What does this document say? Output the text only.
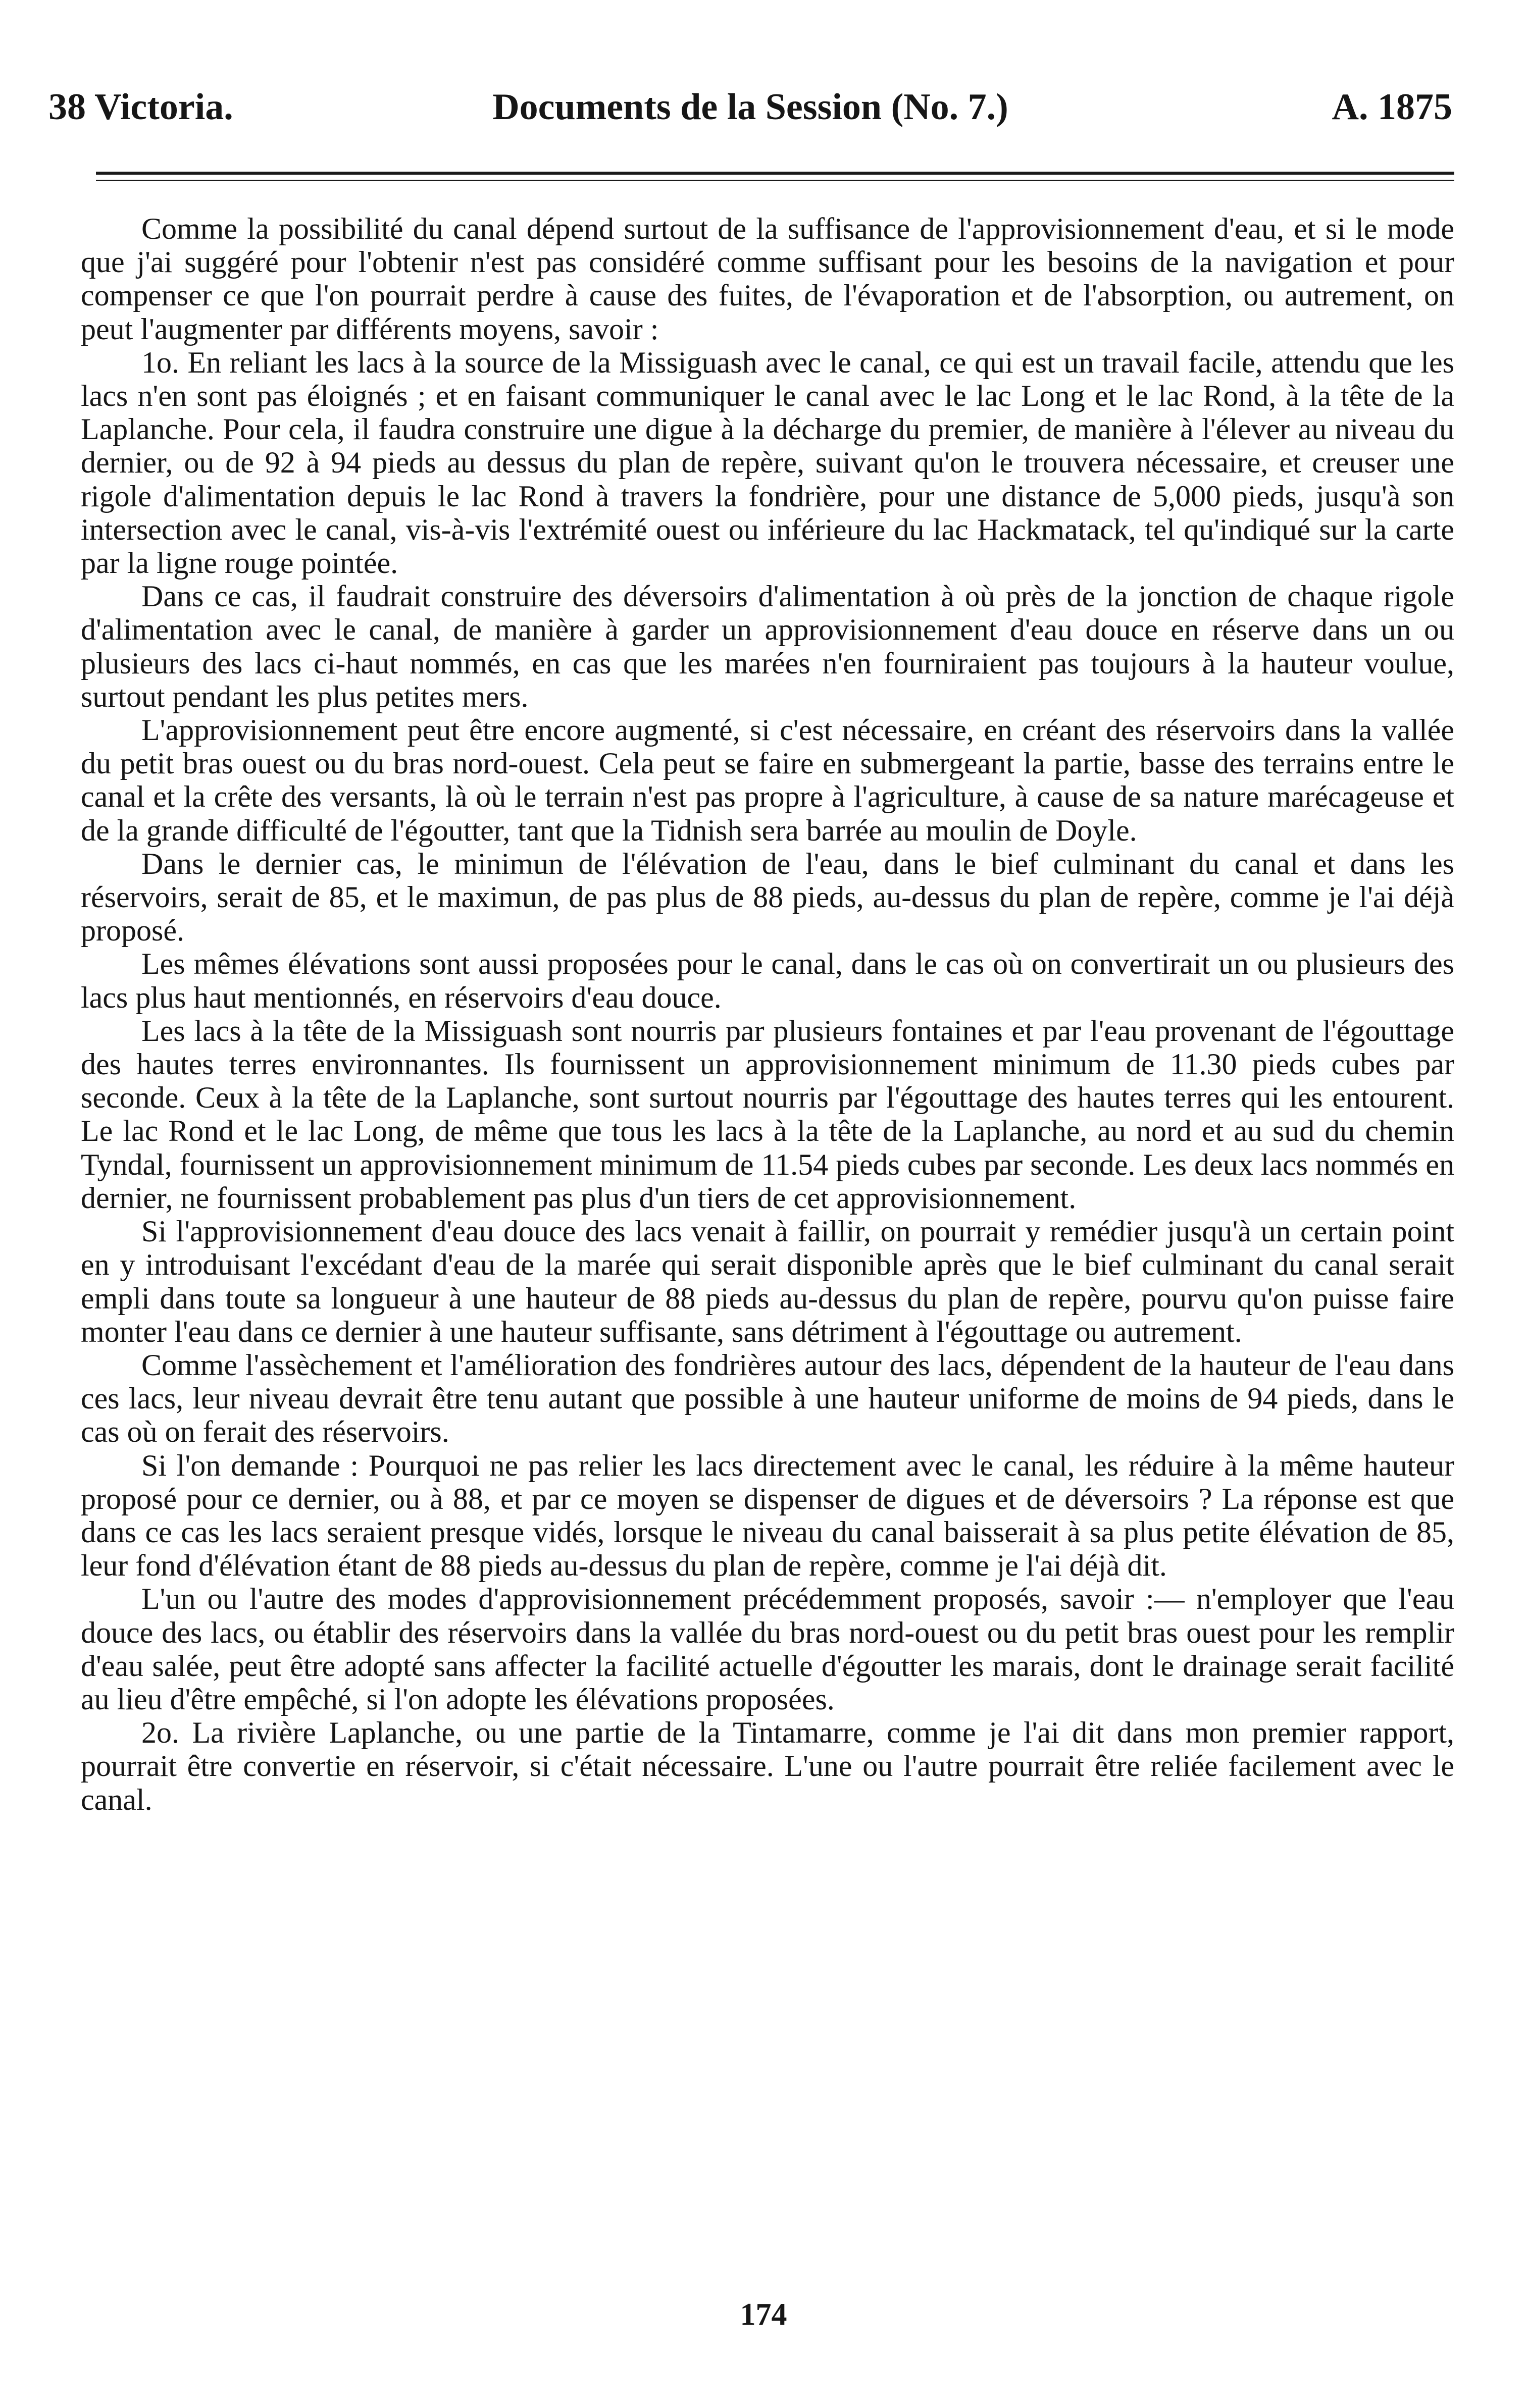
38 Victoria.	Documents de la Session (No. 7.)	A. 1875

Comme la possibilité du canal dépend surtout de la suffisance de l'approvisionnement d'eau, et si le mode que j'ai suggéré pour l'obtenir n'est pas considéré comme suffisant pour les besoins de la navigation et pour compenser ce que l'on pourrait perdre à cause des fuites, de l'évaporation et de l'absorption, ou autrement, on peut l'augmenter par différents moyens, savoir :

1o. En reliant les lacs à la source de la Missiguash avec le canal, ce qui est un travail facile, attendu que les lacs n'en sont pas éloignés ; et en faisant communiquer le canal avec le lac Long et le lac Rond, à la tête de la Laplanche. Pour cela, il faudra construire une digue à la décharge du premier, de manière à l'élever au niveau du dernier, ou de 92 à 94 pieds au dessus du plan de repère, suivant qu'on le trouvera nécessaire, et creuser une rigole d'alimentation depuis le lac Rond à travers la fondrière, pour une distance de 5,000 pieds, jusqu'à son intersection avec le canal, vis-à-vis l'extrémité ouest ou inférieure du lac Hackmatack, tel qu'indiqué sur la carte par la ligne rouge pointée.

Dans ce cas, il faudrait construire des déversoirs d'alimentation à où près de la jonction de chaque rigole d'alimentation avec le canal, de manière à garder un approvisionnement d'eau douce en réserve dans un ou plusieurs des lacs ci-haut nommés, en cas que les marées n'en fourniraient pas toujours à la hauteur voulue, surtout pendant les plus petites mers.

L'approvisionnement peut être encore augmenté, si c'est nécessaire, en créant des réservoirs dans la vallée du petit bras ouest ou du bras nord-ouest. Cela peut se faire en submergeant la partie, basse des terrains entre le canal et la crête des versants, là où le terrain n'est pas propre à l'agriculture, à cause de sa nature marécageuse et de la grande difficulté de l'égoutter, tant que la Tidnish sera barrée au moulin de Doyle.

Dans le dernier cas, le minimun de l'élévation de l'eau, dans le bief culminant du canal et dans les réservoirs, serait de 85, et le maximun, de pas plus de 88 pieds, au-dessus du plan de repère, comme je l'ai déjà proposé.

Les mêmes élévations sont aussi proposées pour le canal, dans le cas où on convertirait un ou plusieurs des lacs plus haut mentionnés, en réservoirs d'eau douce.

Les lacs à la tête de la Missiguash sont nourris par plusieurs fontaines et par l'eau provenant de l'égouttage des hautes terres environnantes. Ils fournissent un approvisionnement minimum de 11.30 pieds cubes par seconde. Ceux à la tête de la Laplanche, sont surtout nourris par l'égouttage des hautes terres qui les entourent. Le lac Rond et le lac Long, de même que tous les lacs à la tête de la Laplanche, au nord et au sud du chemin Tyndal, fournissent un approvisionnement minimum de 11.54 pieds cubes par seconde. Les deux lacs nommés en dernier, ne fournissent probablement pas plus d'un tiers de cet approvisionnement.

Si l'approvisionnement d'eau douce des lacs venait à faillir, on pourrait y remédier jusqu'à un certain point en y introduisant l'excédant d'eau de la marée qui serait disponible après que le bief culminant du canal serait empli dans toute sa longueur à une hauteur de 88 pieds au-dessus du plan de repère, pourvu qu'on puisse faire monter l'eau dans ce dernier à une hauteur suffisante, sans détriment à l'égouttage ou autrement.

Comme l'assèchement et l'amélioration des fondrières autour des lacs, dépendent de la hauteur de l'eau dans ces lacs, leur niveau devrait être tenu autant que possible à une hauteur uniforme de moins de 94 pieds, dans le cas où on ferait des réservoirs.

Si l'on demande : Pourquoi ne pas relier les lacs directement avec le canal, les réduire à la même hauteur proposé pour ce dernier, ou à 88, et par ce moyen se dispenser de digues et de déversoirs ? La réponse est que dans ce cas les lacs seraient presque vidés, lorsque le niveau du canal baisserait à sa plus petite élévation de 85, leur fond d'élévation étant de 88 pieds au-dessus du plan de repère, comme je l'ai déjà dit.

L'un ou l'autre des modes d'approvisionnement précédemment proposés, savoir :— n'employer que l'eau douce des lacs, ou établir des réservoirs dans la vallée du bras nord-ouest ou du petit bras ouest pour les remplir d'eau salée, peut être adopté sans affecter la facilité actuelle d'égoutter les marais, dont le drainage serait facilité au lieu d'être empêché, si l'on adopte les élévations proposées.

2o. La rivière Laplanche, ou une partie de la Tintamarre, comme je l'ai dit dans mon premier rapport, pourrait être convertie en réservoir, si c'était nécessaire. L'une ou l'autre pourrait être reliée facilement avec le canal.

174
